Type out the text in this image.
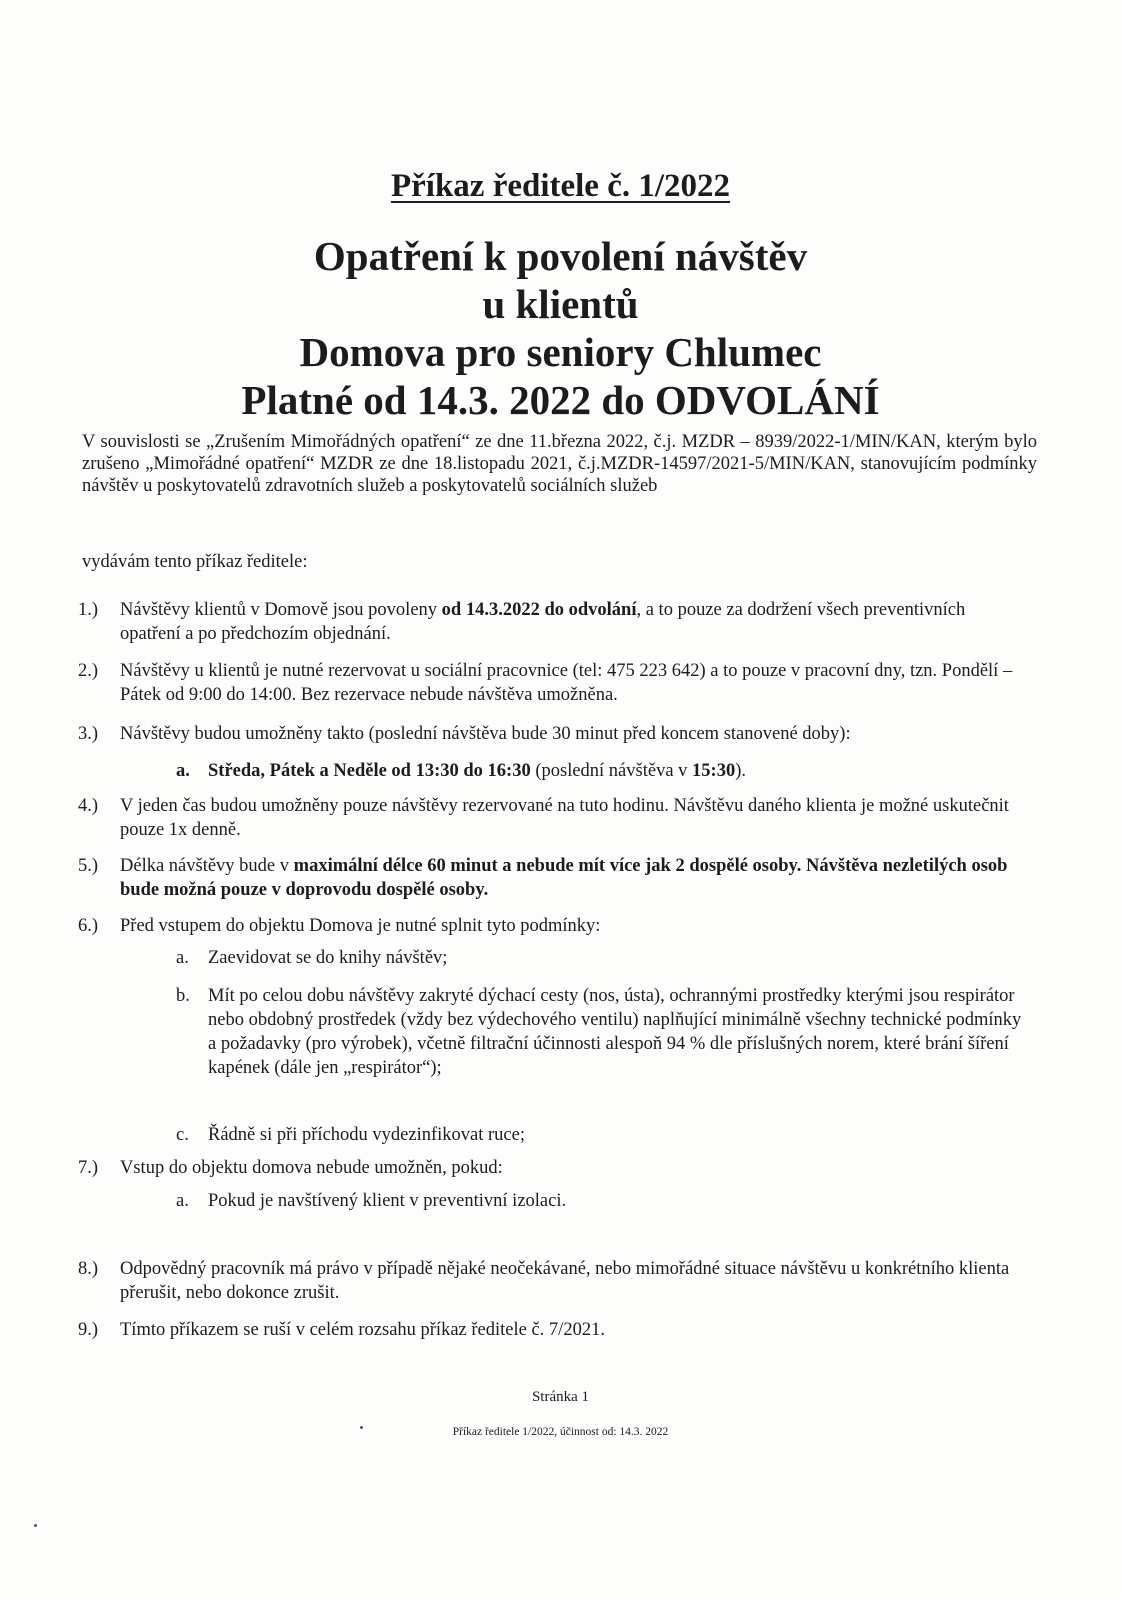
Příkaz ředitele č. 1/2022
Opatření k povolení návštěv
u klientů
Domova pro seniory Chlumec
Platné od 14.3. 2022 do ODVOLÁNÍ
V souvislosti se „Zrušením Mimořádných opatření“ ze dne 11.března 2022, č.j. MZDR – 8939/2022-1/MIN/KAN, kterým bylo zrušeno „Mimořádné opatření“ MZDR ze dne 18.listopadu 2021, č.j.MZDR-14597/2021-5/MIN/KAN, stanovujícím podmínky návštěv u poskytovatelů zdravotních služeb a poskytovatelů sociálních služeb
vydávám tento příkaz ředitele:
1.)	Návštěvy klientů v Domově jsou povoleny od 14.3.2022 do odvolání, a to pouze za dodržení všech preventivních opatření a po předchozím objednání.
2.)	Návštěvy u klientů je nutné rezervovat u sociální pracovnice (tel: 475 223 642) a to pouze v pracovní dny, tzn. Pondělí – Pátek od 9:00 do 14:00. Bez rezervace nebude návštěva umožněna.
3.)	Návštěvy budou umožněny takto (poslední návštěva bude 30 minut před koncem stanovené doby):
a. Středa, Pátek a Neděle od 13:30 do 16:30 (poslední návštěva v 15:30).
4.)	V jeden čas budou umožněny pouze návštěvy rezervované na tuto hodinu. Návštěvu daného klienta je možné uskutečnit pouze 1x denně.
5.)	Délka návštěvy bude v maximální délce 60 minut a nebude mít více jak 2 dospělé osoby. Návštěva nezletilých osob bude možná pouze v doprovodu dospělé osoby.
6.)	Před vstupem do objektu Domova je nutné splnit tyto podmínky:
a.	Zaevidovat se do knihy návštěv;
b. Mít po celou dobu návštěvy zakryté dýchací cesty (nos, ústa), ochrannými prostředky kterými jsou respirátor nebo obdobný prostředek (vždy bez výdechového ventilu) naplňující minimálně všechny technické podmínky a požadavky (pro výrobek), včetně filtrační účinnosti alespoň 94 % dle příslušných norem, které brání šíření kapének (dále jen „respirátor“);
c.	Řádně si při příchodu vydezinfikovat ruce;
7.)	Vstup do objektu domova nebude umožněn, pokud:
a.	Pokud je navštívený klient v preventivní izolaci.
8.)	Odpovědný pracovník má právo v případě nějaké neočekávané, nebo mimořádné situace návštěvu u konkrétního klienta přerušit, nebo dokonce zrušit.
9.)	Tímto příkazem se ruší v celém rozsahu příkaz ředitele č. 7/2021.
Stránka 1
Příkaz ředitele 1/2022, účinnost od: 14.3. 2022
